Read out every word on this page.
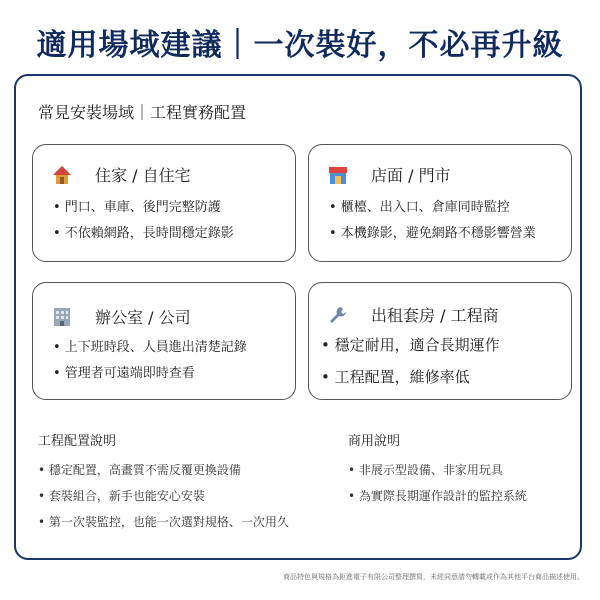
適用場域建議｜一次裝好，不必再升級
常見安裝場域｜工程實務配置
住家 / 自住宅
• 門口、車庫、後門完整防護
• 不依賴網路，長時間穩定錄影
店面 / 門市
• 櫃檯、出入口、倉庫同時監控
• 本機錄影，避免網路不穩影響營業
辦公室 / 公司
• 上下班時段、人員進出清楚記錄
• 管理者可遠端即時查看
出租套房 / 工程商
• 穩定耐用，適合長期運作
• 工程配置，維修率低
工程配置說明
• 穩定配置，高畫質不需反覆更換設備
• 套裝組合，新手也能安心安裝
• 第一次裝監控，也能一次選對規格、一次用久
商用說明
• 非展示型設備、非家用玩具
• 為實際長期運作設計的監控系統
商品特色與規格為鉅進電子有限公司整理撰寫，未經同意請勿轉載或作為其他平台商品描述使用。
